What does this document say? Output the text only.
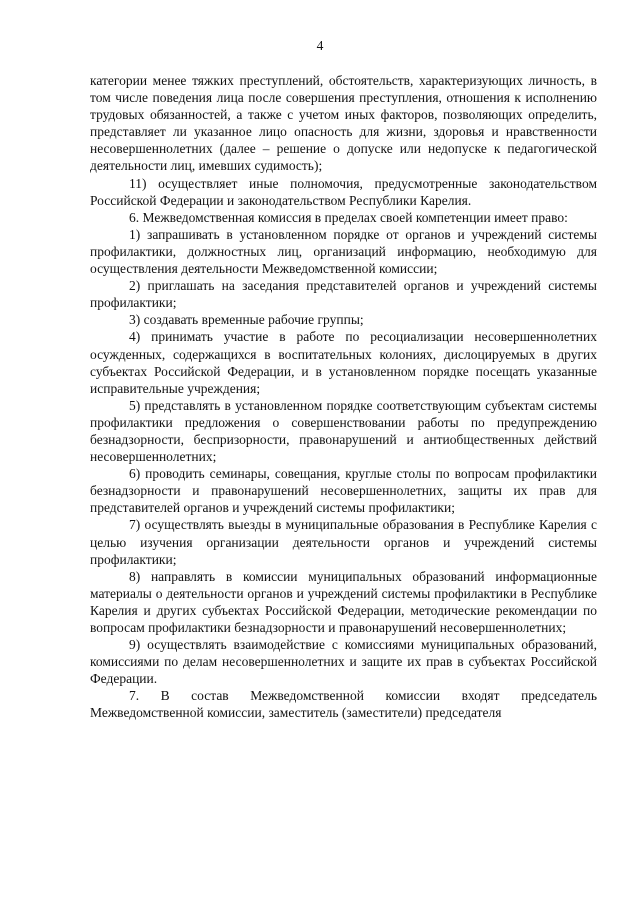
4

категории менее тяжких преступлений, обстоятельств, характеризующих личность, в том числе поведения лица после совершения преступления, отношения к исполнению трудовых обязанностей, а также с учетом иных факторов, позволяющих определить, представляет ли указанное лицо опасность для жизни, здоровья и нравственности несовершеннолетних (далее – решение о допуске или недопуске к педагогической деятельности лиц, имевших судимость);

11) осуществляет иные полномочия, предусмотренные законодательством Российской Федерации и законодательством Республики Карелия.

6. Межведомственная комиссия в пределах своей компетенции имеет право:

1) запрашивать в установленном порядке от органов и учреждений системы профилактики, должностных лиц, организаций информацию, необходимую для осуществления деятельности Межведомственной комиссии;

2) приглашать на заседания представителей органов и учреждений системы профилактики;

3) создавать временные рабочие группы;

4) принимать участие в работе по ресоциализации несовершеннолетних осужденных, содержащихся в воспитательных колониях, дислоцируемых в других субъектах Российской Федерации, и в установленном порядке посещать указанные исправительные учреждения;

5) представлять в установленном порядке соответствующим субъектам системы профилактики предложения о совершенствовании работы по предупреждению безнадзорности, беспризорности, правонарушений и антиобщественных действий несовершеннолетних;

6) проводить семинары, совещания, круглые столы по вопросам профилактики безнадзорности и правонарушений несовершеннолетних, защиты их прав для представителей органов и учреждений системы профилактики;

7) осуществлять выезды в муниципальные образования в Республике Карелия с целью изучения организации деятельности органов и учреждений системы профилактики;

8) направлять в комиссии муниципальных образований информационные материалы о деятельности органов и учреждений системы профилактики в Республике Карелия и других субъектах Российской Федерации, методические рекомендации по вопросам профилактики безнадзорности и правонарушений несовершеннолетних;

9) осуществлять взаимодействие с комиссиями муниципальных образований, комиссиями по делам несовершеннолетних и защите их прав в субъектах Российской Федерации.

7. В состав Межведомственной комиссии входят председатель Межведомственной комиссии, заместитель (заместители) председателя
